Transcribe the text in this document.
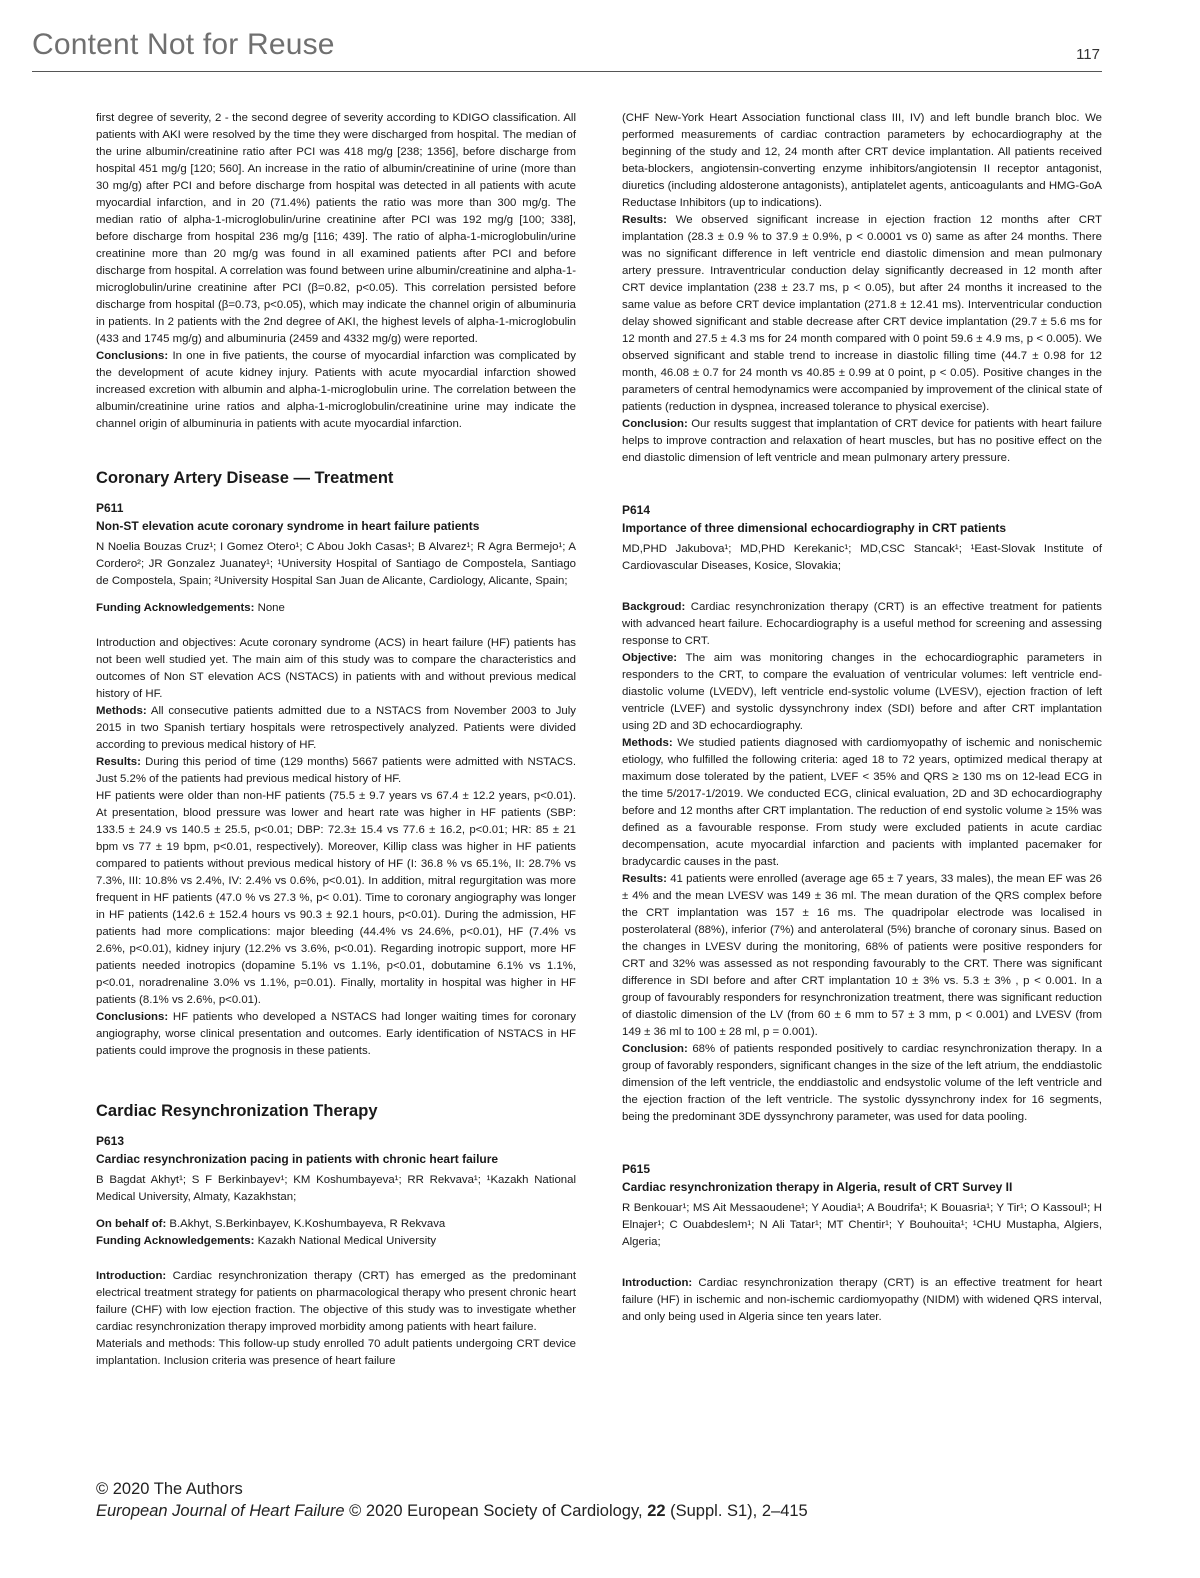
Content Not for Reuse	117

first degree of severity, 2 - the second degree of severity according to KDIGO classification. All patients with AKI were resolved by the time they were discharged from hospital. The median of the urine albumin/creatinine ratio after PCI was 418 mg/g [238; 1356], before discharge from hospital 451 mg/g [120; 560]. An increase in the ratio of albumin/creatinine of urine (more than 30 mg/g) after PCI and before discharge from hospital was detected in all patients with acute myocardial infarction, and in 20 (71.4%) patients the ratio was more than 300 mg/g. The median ratio of alpha-1-microglobulin/urine creatinine after PCI was 192 mg/g [100; 338], before discharge from hospital 236 mg/g [116; 439]. The ratio of alpha-1-microglobulin/urine creatinine more than 20 mg/g was found in all examined patients after PCI and before discharge from hospital. A correlation was found between urine albumin/creatinine and alpha-1-microglobulin/urine creatinine after PCI (β=0.82, p<0.05). This correlation persisted before discharge from hospital (β=0.73, p<0.05), which may indicate the channel origin of albuminuria in patients. In 2 patients with the 2nd degree of AKI, the highest levels of alpha-1-microglobulin (433 and 1745 mg/g) and albuminuria (2459 and 4332 mg/g) were reported.

Conclusions: In one in five patients, the course of myocardial infarction was complicated by the development of acute kidney injury. Patients with acute myocardial infarction showed increased excretion with albumin and alpha-1-microglobulin urine. The correlation between the albumin/creatinine urine ratios and alpha-1-microglobulin/creatinine urine may indicate the channel origin of albuminuria in patients with acute myocardial infarction.

Coronary Artery Disease — Treatment
P611
Non-ST elevation acute coronary syndrome in heart failure patients

N Noelia Bouzas Cruz¹; I Gomez Otero¹; C Abou Jokh Casas¹; B Alvarez¹; R Agra Bermejo¹; A Cordero²; JR Gonzalez Juanatey¹; ¹University Hospital of Santiago de Compostela, Santiago de Compostela, Spain; ²University Hospital San Juan de Alicante, Cardiology, Alicante, Spain;

Funding Acknowledgements: None

Introduction and objectives: Acute coronary syndrome (ACS) in heart failure (HF) patients has not been well studied yet. The main aim of this study was to compare the characteristics and outcomes of Non ST elevation ACS (NSTACS) in patients with and without previous medical history of HF.

Methods: All consecutive patients admitted due to a NSTACS from November 2003 to July 2015 in two Spanish tertiary hospitals were retrospectively analyzed. Patients were divided according to previous medical history of HF.

Results: During this period of time (129 months) 5667 patients were admitted with NSTACS. Just 5.2% of the patients had previous medical history of HF.

HF patients were older than non-HF patients (75.5 ± 9.7 years vs 67.4 ± 12.2 years, p<0.01). At presentation, blood pressure was lower and heart rate was higher in HF patients (SBP: 133.5 ± 24.9 vs 140.5 ± 25.5, p<0.01; DBP: 72.3± 15.4 vs 77.6 ± 16.2, p<0.01; HR: 85 ± 21 bpm vs 77 ± 19 bpm, p<0.01, respectively). Moreover, Killip class was higher in HF patients compared to patients without previous medical history of HF (I: 36.8 % vs 65.1%, II: 28.7% vs 7.3%, III: 10.8% vs 2.4%, IV: 2.4% vs 0.6%, p<0.01). In addition, mitral regurgitation was more frequent in HF patients (47.0 % vs 27.3 %, p< 0.01). Time to coronary angiography was longer in HF patients (142.6 ± 152.4 hours vs 90.3 ± 92.1 hours, p<0.01). During the admission, HF patients had more complications: major bleeding (44.4% vs 24.6%, p<0.01), HF (7.4% vs 2.6%, p<0.01), kidney injury (12.2% vs 3.6%, p<0.01). Regarding inotropic support, more HF patients needed inotropics (dopamine 5.1% vs 1.1%, p<0.01, dobutamine 6.1% vs 1.1%, p<0.01, noradrenaline 3.0% vs 1.1%, p=0.01). Finally, mortality in hospital was higher in HF patients (8.1% vs 2.6%, p<0.01).

Conclusions: HF patients who developed a NSTACS had longer waiting times for coronary angiography, worse clinical presentation and outcomes. Early identification of NSTACS in HF patients could improve the prognosis in these patients.

Cardiac Resynchronization Therapy
P613
Cardiac resynchronization pacing in patients with chronic heart failure

B Bagdat Akhyt¹; S F Berkinbayev¹; KM Koshumbayeva¹; RR Rekvava¹; ¹Kazakh National Medical University, Almaty, Kazakhstan;

On behalf of: B.Akhyt, S.Berkinbayev, K.Koshumbayeva, R Rekvava

Funding Acknowledgements: Kazakh National Medical University

Introduction: Cardiac resynchronization therapy (CRT) has emerged as the predominant electrical treatment strategy for patients on pharmacological therapy who present chronic heart failure (CHF) with low ejection fraction. The objective of this study was to investigate whether cardiac resynchronization therapy improved morbidity among patients with heart failure.

Materials and methods: This follow-up study enrolled 70 adult patients undergoing CRT device implantation. Inclusion criteria was presence of heart failure

(CHF New-York Heart Association functional class III, IV) and left bundle branch bloc. We performed measurements of cardiac contraction parameters by echocardiography at the beginning of the study and 12, 24 month after CRT device implantation. All patients received beta-blockers, angiotensin-converting enzyme inhibitors/angiotensin II receptor antagonist, diuretics (including aldosterone antagonists), antiplatelet agents, anticoagulants and HMG-GoA Reductase Inhibitors (up to indications).

Results: We observed significant increase in ejection fraction 12 months after CRT implantation (28.3 ± 0.9 % to 37.9 ± 0.9%, p < 0.0001 vs 0) same as after 24 months. There was no significant difference in left ventricle end diastolic dimension and mean pulmonary artery pressure. Intraventricular conduction delay significantly decreased in 12 month after CRT device implantation (238 ± 23.7 ms, p < 0.05), but after 24 months it increased to the same value as before CRT device implantation (271.8 ± 12.41 ms). Interventricular conduction delay showed significant and stable decrease after CRT device implantation (29.7 ± 5.6 ms for 12 month and 27.5 ± 4.3 ms for 24 month compared with 0 point 59.6 ± 4.9 ms, p < 0.005). We observed significant and stable trend to increase in diastolic filling time (44.7 ± 0.98 for 12 month, 46.08 ± 0.7 for 24 month vs 40.85 ± 0.99 at 0 point, p < 0.05). Positive changes in the parameters of central hemodynamics were accompanied by improvement of the clinical state of patients (reduction in dyspnea, increased tolerance to physical exercise).

Conclusion: Our results suggest that implantation of CRT device for patients with heart failure helps to improve contraction and relaxation of heart muscles, but has no positive effect on the end diastolic dimension of left ventricle and mean pulmonary artery pressure.

P614
Importance of three dimensional echocardiography in CRT patients

MD,PHD Jakubova¹; MD,PHD Kerekanic¹; MD,CSC Stancak¹; ¹East-Slovak Institute of Cardiovascular Diseases, Kosice, Slovakia;

Backgroud: Cardiac resynchronization therapy (CRT) is an effective treatment for patients with advanced heart failure. Echocardiography is a useful method for screening and assessing response to CRT.

Objective: The aim was monitoring changes in the echocardiographic parameters in responders to the CRT, to compare the evaluation of ventricular volumes: left ventricle end-diastolic volume (LVEDV), left ventricle end-systolic volume (LVESV), ejection fraction of left ventricle (LVEF) and systolic dyssynchrony index (SDI) before and after CRT implantation using 2D and 3D echocardiography.

Methods: We studied patients diagnosed with cardiomyopathy of ischemic and nonischemic etiology, who fulfilled the following criteria: aged 18 to 72 years, optimized medical therapy at maximum dose tolerated by the patient, LVEF < 35% and QRS ≥ 130 ms on 12-lead ECG in the time 5/2017-1/2019. We conducted ECG, clinical evaluation, 2D and 3D echocardiography before and 12 months after CRT implantation. The reduction of end systolic volume ≥ 15% was defined as a favourable response. From study were excluded patients in acute cardiac decompensation, acute myocardial infarction and pacients with implanted pacemaker for bradycardic causes in the past.

Results: 41 patients were enrolled (average age 65 ± 7 years, 33 males), the mean EF was 26 ± 4% and the mean LVESV was 149 ± 36 ml. The mean duration of the QRS complex before the CRT implantation was 157 ± 16 ms. The quadripolar electrode was localised in posterolateral (88%), inferior (7%) and anterolateral (5%) branche of coronary sinus. Based on the changes in LVESV during the monitoring, 68% of patients were positive responders for CRT and 32% was assessed as not responding favourably to the CRT. There was significant difference in SDI before and after CRT implantation 10 ± 3% vs. 5.3 ± 3% , p < 0.001. In a group of favourably responders for resynchronization treatment, there was significant reduction of diastolic dimension of the LV (from 60 ± 6 mm to 57 ± 3 mm, p < 0.001) and LVESV (from 149 ± 36 ml to 100 ± 28 ml, p = 0.001).

Conclusion: 68% of patients responded positively to cardiac resynchronization therapy. In a group of favorably responders, significant changes in the size of the left atrium, the enddiastolic dimension of the left ventricle, the enddiastolic and endsystolic volume of the left ventricle and the ejection fraction of the left ventricle. The systolic dyssynchrony index for 16 segments, being the predominant 3DE dyssynchrony parameter, was used for data pooling.

P615
Cardiac resynchronization therapy in Algeria, result of CRT Survey II

R Benkouar¹; MS Ait Messaoudene¹; Y Aoudia¹; A Boudrifa¹; K Bouasria¹; Y Tir¹; O Kassoul¹; H Elnajer¹; C Ouabdeslem¹; N Ali Tatar¹; MT Chentir¹; Y Bouhouita¹; ¹CHU Mustapha, Algiers, Algeria;

Introduction: Cardiac resynchronization therapy (CRT) is an effective treatment for heart failure (HF) in ischemic and non-ischemic cardiomyopathy (NIDM) with widened QRS interval, and only being used in Algeria since ten years later.

© 2020 The Authors
European Journal of Heart Failure © 2020 European Society of Cardiology, 22 (Suppl. S1), 2–415
